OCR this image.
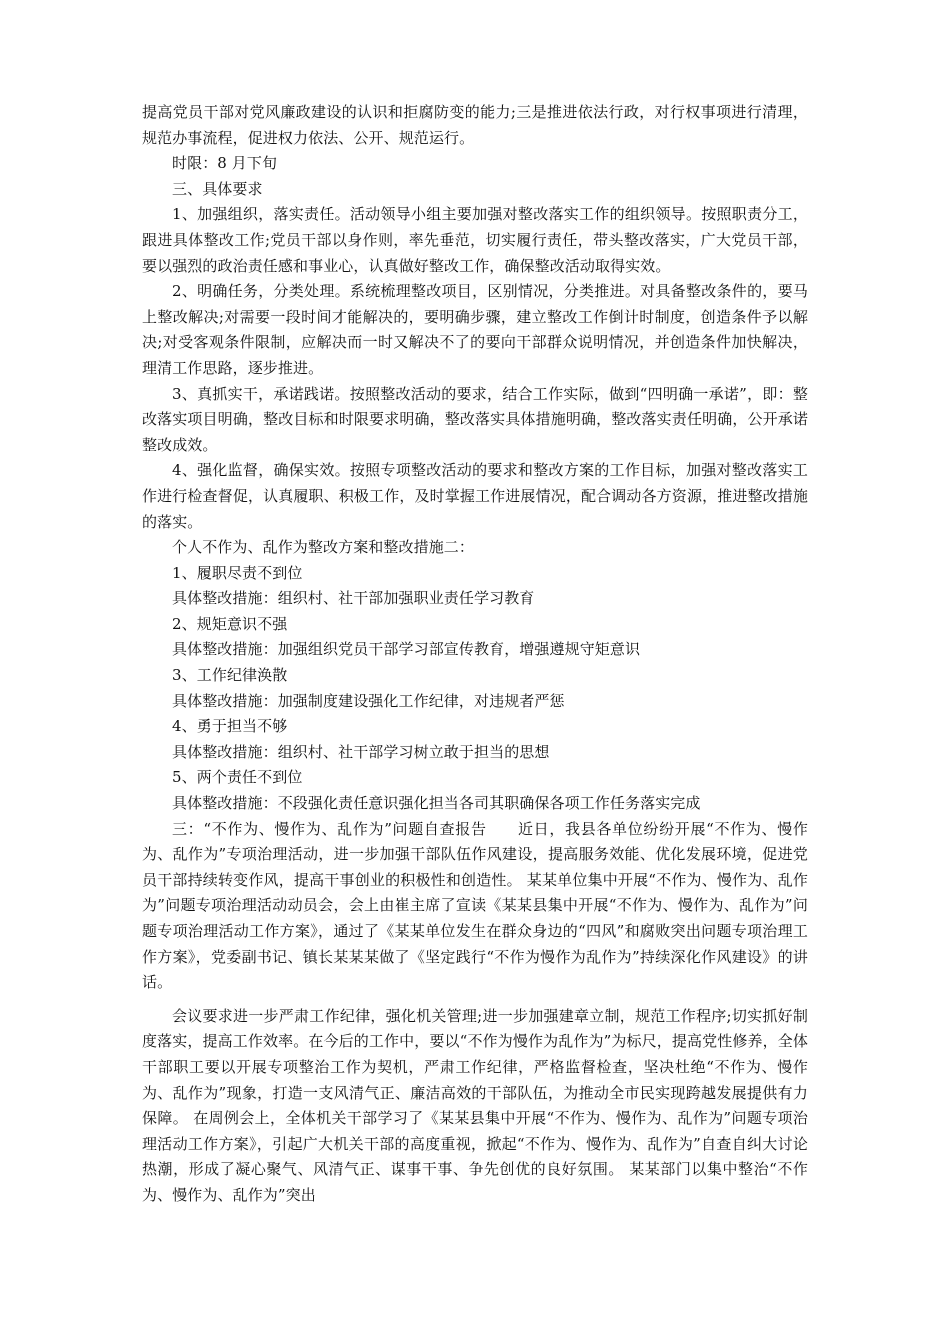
提高党员干部对党风廉政建设的认识和拒腐防变的能力;三是推进依法行政，对行权事项进行清理，规范办事流程，促进权力依法、公开、规范运行。

时限：8 月下旬

三、具体要求

1、加强组织，落实责任。活动领导小组主要加强对整改落实工作的组织领导。按照职责分工，跟进具体整改工作;党员干部以身作则，率先垂范，切实履行责任，带头整改落实，广大党员干部，要以强烈的政治责任感和事业心，认真做好整改工作，确保整改活动取得实效。

2、明确任务，分类处理。系统梳理整改项目，区别情况，分类推进。对具备整改条件的，要马上整改解决;对需要一段时间才能解决的，要明确步骤，建立整改工作倒计时制度，创造条件予以解决;对受客观条件限制，应解决而一时又解决不了的要向干部群众说明情况，并创造条件加快解决，理清工作思路，逐步推进。

3、真抓实干，承诺践诺。按照整改活动的要求，结合工作实际，做到“四明确一承诺”，即：整改落实项目明确，整改目标和时限要求明确，整改落实具体措施明确，整改落实责任明确，公开承诺整改成效。

4、强化监督，确保实效。按照专项整改活动的要求和整改方案的工作目标，加强对整改落实工作进行检查督促，认真履职、积极工作，及时掌握工作进展情况，配合调动各方资源，推进整改措施的落实。

个人不作为、乱作为整改方案和整改措施二：

1、履职尽责不到位

具体整改措施：组织村、社干部加强职业责任学习教育

2、规矩意识不强

具体整改措施：加强组织党员干部学习部宣传教育，增强遵规守矩意识

3、工作纪律涣散

具体整改措施：加强制度建设强化工作纪律，对违规者严惩

4、勇于担当不够

具体整改措施：组织村、社干部学习树立敢于担当的思想

5、两个责任不到位

具体整改措施：不段强化责任意识强化担当各司其职确保各项工作任务落实完成

三：“不作为、慢作为、乱作为”问题自查报告　　近日，我县各单位纷纷开展“不作为、慢作为、乱作为”专项治理活动，进一步加强干部队伍作风建设，提高服务效能、优化发展环境，促进党员干部持续转变作风，提高干事创业的积极性和创造性。 某某单位集中开展“不作为、慢作为、乱作为”问题专项治理活动动员会，会上由崔主席了宣读《某某县集中开展“不作为、慢作为、乱作为”问题专项治理活动工作方案》，通过了《某某单位发生在群众身边的“四风”和腐败突出问题专项治理工作方案》，党委副书记、镇长某某某做了《坚定践行“不作为慢作为乱作为”持续深化作风建设》的讲话。

会议要求进一步严肃工作纪律，强化机关管理;进一步加强建章立制，规范工作程序;切实抓好制度落实，提高工作效率。在今后的工作中，要以“不作为慢作为乱作为”为标尺，提高党性修养，全体干部职工要以开展专项整治工作为契机，严肃工作纪律，严格监督检查，坚决杜绝“不作为、慢作为、乱作为”现象，打造一支风清气正、廉洁高效的干部队伍，为推动全市民实现跨越发展提供有力保障。 在周例会上，全体机关干部学习了《某某县集中开展“不作为、慢作为、乱作为”问题专项治理活动工作方案》，引起广大机关干部的高度重视，掀起“不作为、慢作为、乱作为”自查自纠大讨论热潮，形成了凝心聚气、风清气正、谋事干事、争先创优的良好氛围。 某某部门以集中整治“不作为、慢作为、乱作为”突出
